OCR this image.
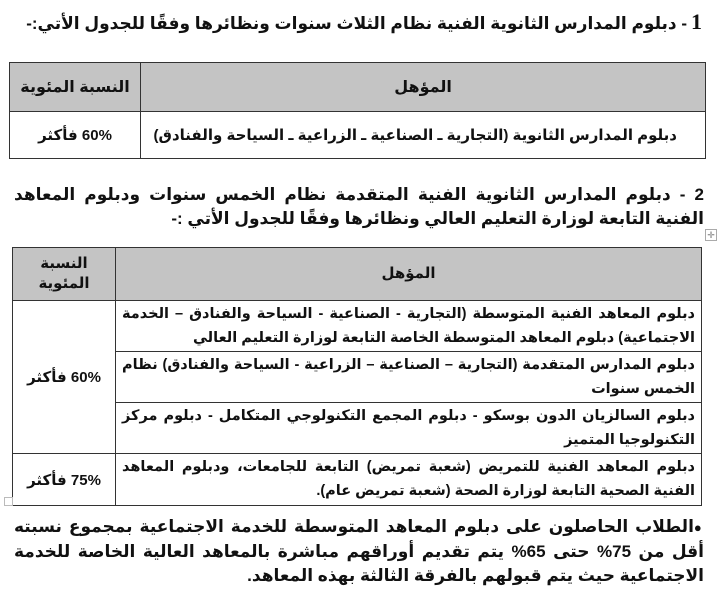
1- دبلوم المدارس الثانوية الفنية نظام الثلاث سنوات ونظائرها وفقًا للجدول الأتي:-
المؤهل	النسبة المئوية
دبلوم المدارس الثانوية (التجارية ـ الصناعية ـ الزراعية ـ السياحة والفنادق)	60% فأكثر
2 - دبلوم المدارس الثانوية الفنية المتقدمة نظام الخمس سنوات ودبلوم المعاهد الفنية التابعة لوزارة التعليم العالي ونظائرها وفقًا للجدول الأتي :-
✛
المؤهل	النسبة المئوية
دبلوم المعاهد الفنية المتوسطة (التجارية - الصناعية - السياحة والفنادق – الخدمة الاجتماعية) دبلوم المعاهد المتوسطة الخاصة التابعة لوزارة التعليم العالي	60% فأكثر
دبلوم المدارس المتقدمة (التجارية – الصناعية – الزراعية - السياحة والفنادق) نظام الخمس سنوات	
دبلوم السالزيان الدون بوسكو - دبلوم المجمع التكنولوجي المتكامل - دبلوم مركز التكنولوجيا المتميز	
دبلوم المعاهد الفنية للتمريض (شعبة تمريض) التابعة للجامعات، ودبلوم المعاهد الفنية الصحية التابعة لوزارة الصحة (شعبة تمريض عام).	75% فأكثر
●الطلاب الحاصلون على دبلوم المعاهد المتوسطة للخدمة الاجتماعية بمجموع نسبته أقل من 75% حتى 65% يتم تقديم أوراقهم مباشرة بالمعاهد العالية الخاصة للخدمة الاجتماعية حيث يتم قبولهم بالفرقة الثالثة بهذه المعاهد.
